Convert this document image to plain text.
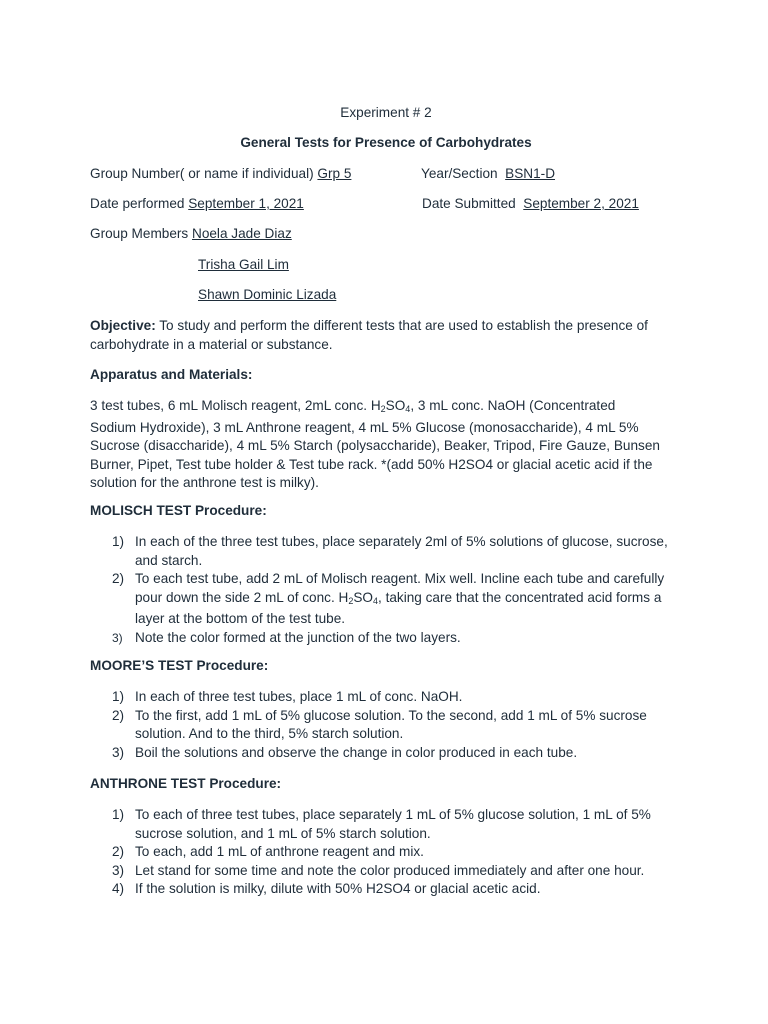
Experiment # 2
General Tests for Presence of Carbohydrates
Group Number( or name if individual) Grp 5	Year/Section BSN1-D
Date performed September 1, 2021	Date Submitted September 2, 2021
Group Members Noela Jade Diaz
Trisha Gail Lim
Shawn Dominic Lizada
Objective: To study and perform the different tests that are used to establish the presence of carbohydrate in a material or substance.
Apparatus and Materials:
3 test tubes, 6 mL Molisch reagent, 2mL conc. $H_2SO_4$, 3 mL conc. NaOH (Concentrated Sodium Hydroxide), 3 mL Anthrone reagent, 4 mL 5% Glucose (monosaccharide), 4 mL 5% Sucrose (disaccharide), 4 mL 5% Starch (polysaccharide), Beaker, Tripod, Fire Gauze, Bunsen Burner, Pipet, Test tube holder & Test tube rack. *(add 50% H2SO4 or glacial acetic acid if the solution for the anthrone test is milky).
MOLISCH TEST Procedure:
1) In each of the three test tubes, place separately 2ml of 5% solutions of glucose, sucrose, and starch.
2) To each test tube, add 2 mL of Molisch reagent. Mix well. Incline each tube and carefully pour down the side 2 mL of conc. $H_2SO_4$, taking care that the concentrated acid forms a layer at the bottom of the test tube.
3) Note the color formed at the junction of the two layers.
MOORE’S TEST Procedure:
1) In each of three test tubes, place 1 mL of conc. NaOH.
2) To the first, add 1 mL of 5% glucose solution. To the second, add 1 mL of 5% sucrose solution. And to the third, 5% starch solution.
3) Boil the solutions and observe the change in color produced in each tube.
ANTHRONE TEST Procedure:
1) To each of three test tubes, place separately 1 mL of 5% glucose solution, 1 mL of 5% sucrose solution, and 1 mL of 5% starch solution.
2) To each, add 1 mL of anthrone reagent and mix.
3) Let stand for some time and note the color produced immediately and after one hour.
4) If the solution is milky, dilute with 50% H2SO4 or glacial acetic acid.
